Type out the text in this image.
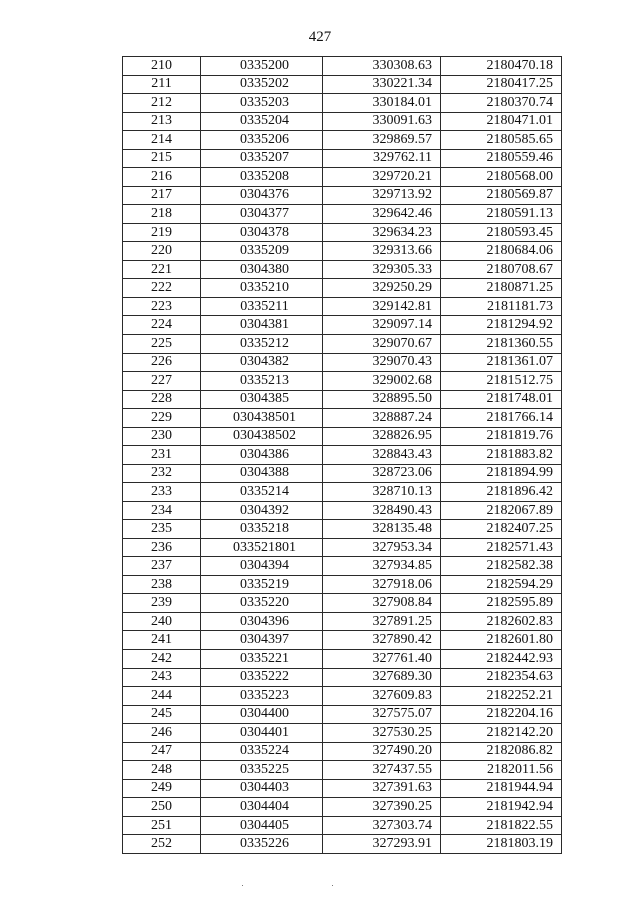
427
210	0335200	330308.63	2180470.18
211	0335202	330221.34	2180417.25
212	0335203	330184.01	2180370.74
213	0335204	330091.63	2180471.01
214	0335206	329869.57	2180585.65
215	0335207	329762.11	2180559.46
216	0335208	329720.21	2180568.00
217	0304376	329713.92	2180569.87
218	0304377	329642.46	2180591.13
219	0304378	329634.23	2180593.45
220	0335209	329313.66	2180684.06
221	0304380	329305.33	2180708.67
222	0335210	329250.29	2180871.25
223	0335211	329142.81	2181181.73
224	0304381	329097.14	2181294.92
225	0335212	329070.67	2181360.55
226	0304382	329070.43	2181361.07
227	0335213	329002.68	2181512.75
228	0304385	328895.50	2181748.01
229	030438501	328887.24	2181766.14
230	030438502	328826.95	2181819.76
231	0304386	328843.43	2181883.82
232	0304388	328723.06	2181894.99
233	0335214	328710.13	2181896.42
234	0304392	328490.43	2182067.89
235	0335218	328135.48	2182407.25
236	033521801	327953.34	2182571.43
237	0304394	327934.85	2182582.38
238	0335219	327918.06	2182594.29
239	0335220	327908.84	2182595.89
240	0304396	327891.25	2182602.83
241	0304397	327890.42	2182601.80
242	0335221	327761.40	2182442.93
243	0335222	327689.30	2182354.63
244	0335223	327609.83	2182252.21
245	0304400	327575.07	2182204.16
246	0304401	327530.25	2182142.20
247	0335224	327490.20	2182086.82
248	0335225	327437.55	2182011.56
249	0304403	327391.63	2181944.94
250	0304404	327390.25	2181942.94
251	0304405	327303.74	2181822.55
252	0335226	327293.91	2181803.19
